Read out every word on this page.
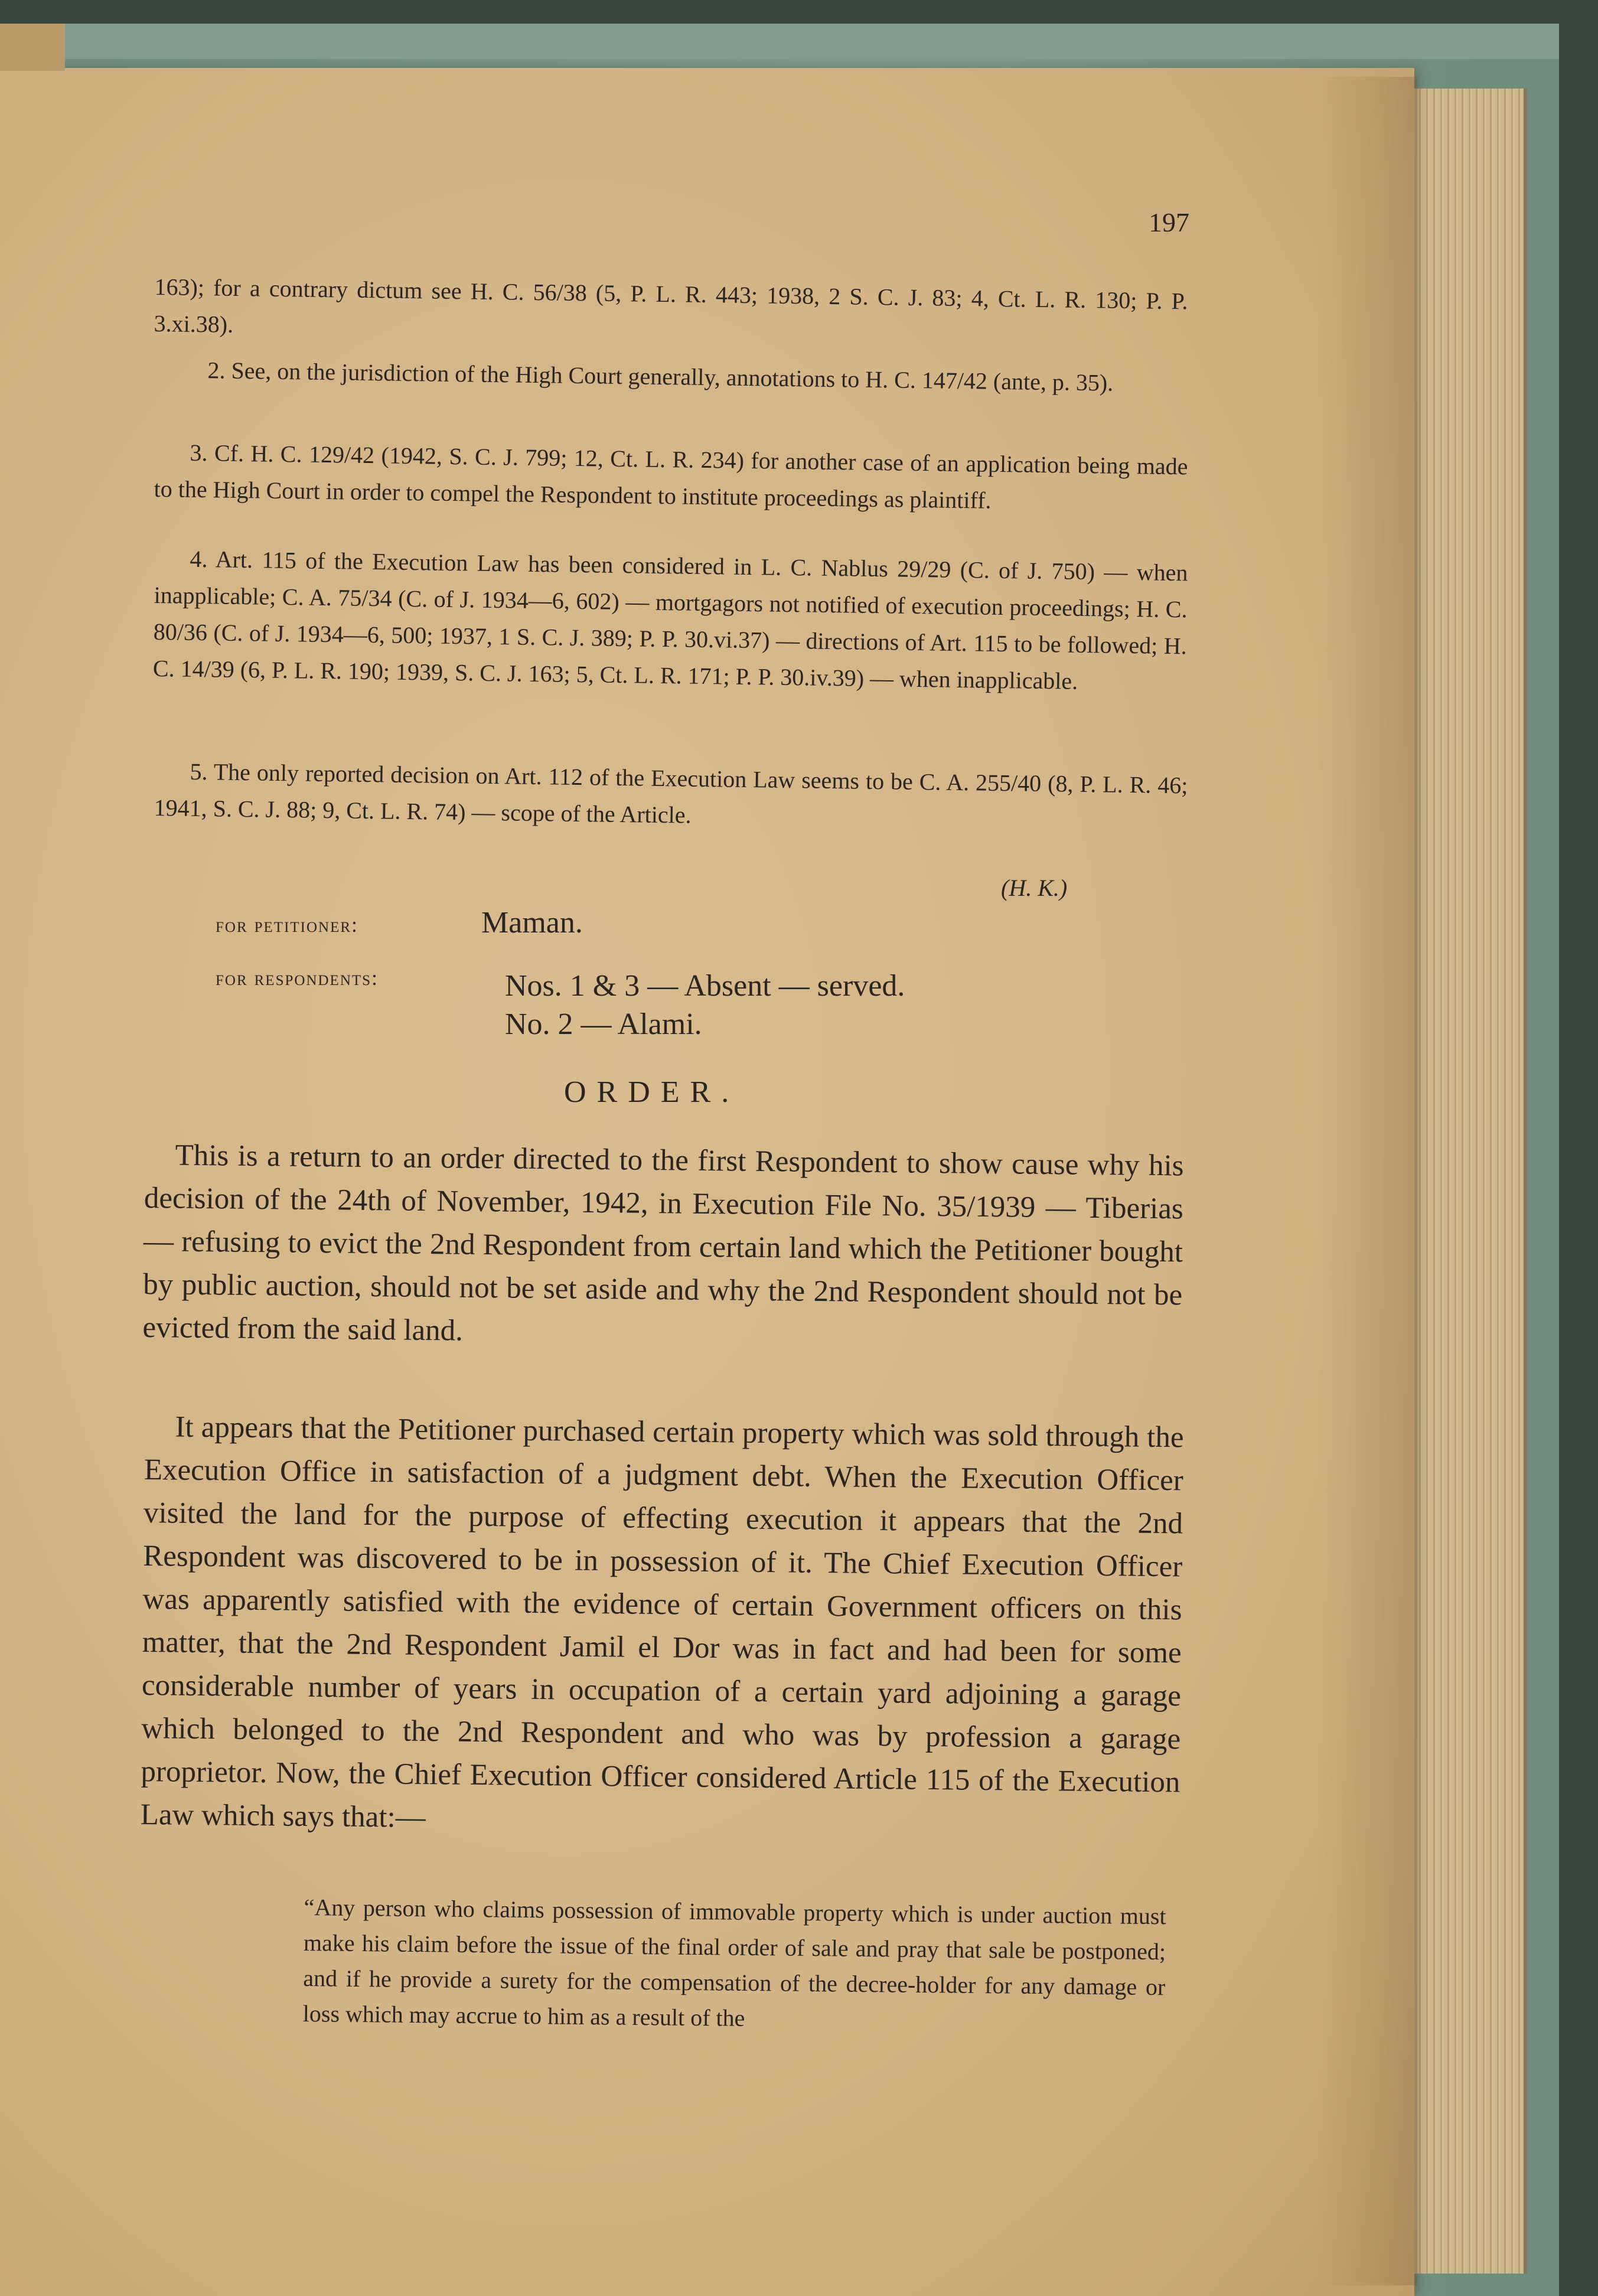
197

163); for a contrary dictum see H. C. 56/38 (5, P. L. R. 443; 1938, 2 S. C. J. 83; 4, Ct. L. R. 130; P. P. 3.xi.38).

2. See, on the jurisdiction of the High Court generally, annotations to H. C. 147/42 (ante, p. 35).

3. Cf. H. C. 129/42 (1942, S. C. J. 799; 12, Ct. L. R. 234) for another case of an application being made to the High Court in order to compel the Respondent to institute proceedings as plaintiff.

4. Art. 115 of the Execution Law has been considered in L. C. Nablus 29/29 (C. of J. 750) — when inapplicable; C. A. 75/34 (C. of J. 1934—6, 602) — mortgagors not notified of execution proceedings; H. C. 80/36 (C. of J. 1934—6, 500; 1937, 1 S. C. J. 389; P. P. 30.vi.37) — directions of Art. 115 to be followed; H. C. 14/39 (6, P. L. R. 190; 1939, S. C. J. 163; 5, Ct. L. R. 171; P. P. 30.iv.39) — when inapplicable.

5. The only reported decision on Art. 112 of the Execution Law seems to be C. A. 255/40 (8, P. L. R. 46; 1941, S. C. J. 88; 9, Ct. L. R. 74) — scope of the Article.

(H. K.)
for petitioner:	Maman.
for respondents:	Nos. 1 & 3 — Absent — served.
No. 2 — Alami.
ORDER.

This is a return to an order directed to the first Respondent to show cause why his decision of the 24th of November, 1942, in Execution File No. 35/1939 — Tiberias — refusing to evict the 2nd Respondent from certain land which the Petitioner bought by public auction, should not be set aside and why the 2nd Respondent should not be evicted from the said land.

It appears that the Petitioner purchased certain property which was sold through the Execution Office in satisfaction of a judgment debt. When the Execution Officer visited the land for the purpose of effecting execution it appears that the 2nd Respondent was discovered to be in possession of it. The Chief Execution Officer was apparently satisfied with the evidence of certain Government officers on this matter, that the 2nd Respondent Jamil el Dor was in fact and had been for some considerable number of years in occupation of a certain yard adjoining a garage which belonged to the 2nd Respondent and who was by profession a garage proprietor. Now, the Chief Execution Officer considered Article 115 of the Execution Law which says that:—

“Any person who claims possession of immovable property which is under auction must make his claim before the issue of the final order of sale and pray that sale be postponed; and if he provide a surety for the compensation of the decree-holder for any damage or loss which may accrue to him as a result of the
